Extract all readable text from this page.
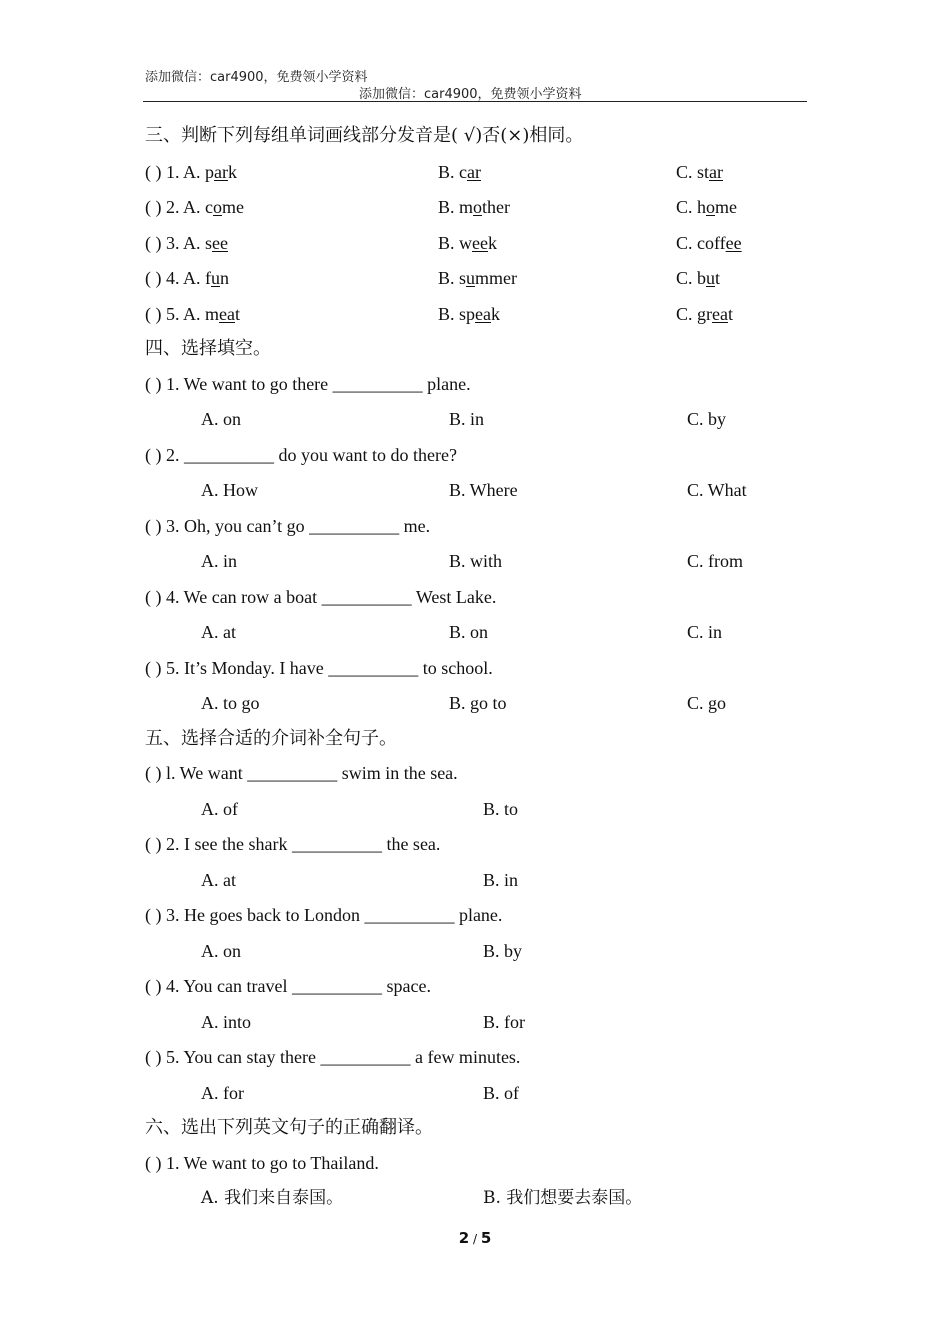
添加微信：car4900，免费领小学资料
添加微信：car4900，免费领小学资料
三、判断下列每组单词画线部分发音是( √)否(×)相同。
( ) 1. A. park	B. car	C. star
( ) 2. A. come	B. mother	C. home
( ) 3. A. see	B. week	C. coffee
( ) 4. A. fun	B. summer	C. but
( ) 5. A. meat	B. speak	C. great
四、选择填空。
( ) 1. We want to go there __________ plane.
A. on	B. in	C. by
( ) 2. __________ do you want to do there?
A. How	B. Where	C. What
( ) 3. Oh, you can’t go __________ me.
A. in	B. with	C. from
( ) 4. We can row a boat __________ West Lake.
A. at	B. on	C. in
( ) 5. It’s Monday. I have __________ to school.
A. to go	B. go to	C. go
五、选择合适的介词补全句子。
( ) l. We want __________ swim in the sea.
A. of	B. to
( ) 2. I see the shark __________ the sea.
A. at	B. in
( ) 3. He goes back to London __________ plane.
A. on	B. by
( ) 4. You can travel __________ space.
A. into	B. for
( ) 5. You can stay there __________ a few minutes.
A. for	B. of
六、选出下列英文句子的正确翻译。
( ) 1. We want to go to Thailand.
A. 我们来自泰国。	B. 我们想要去泰国。
2 / 5
